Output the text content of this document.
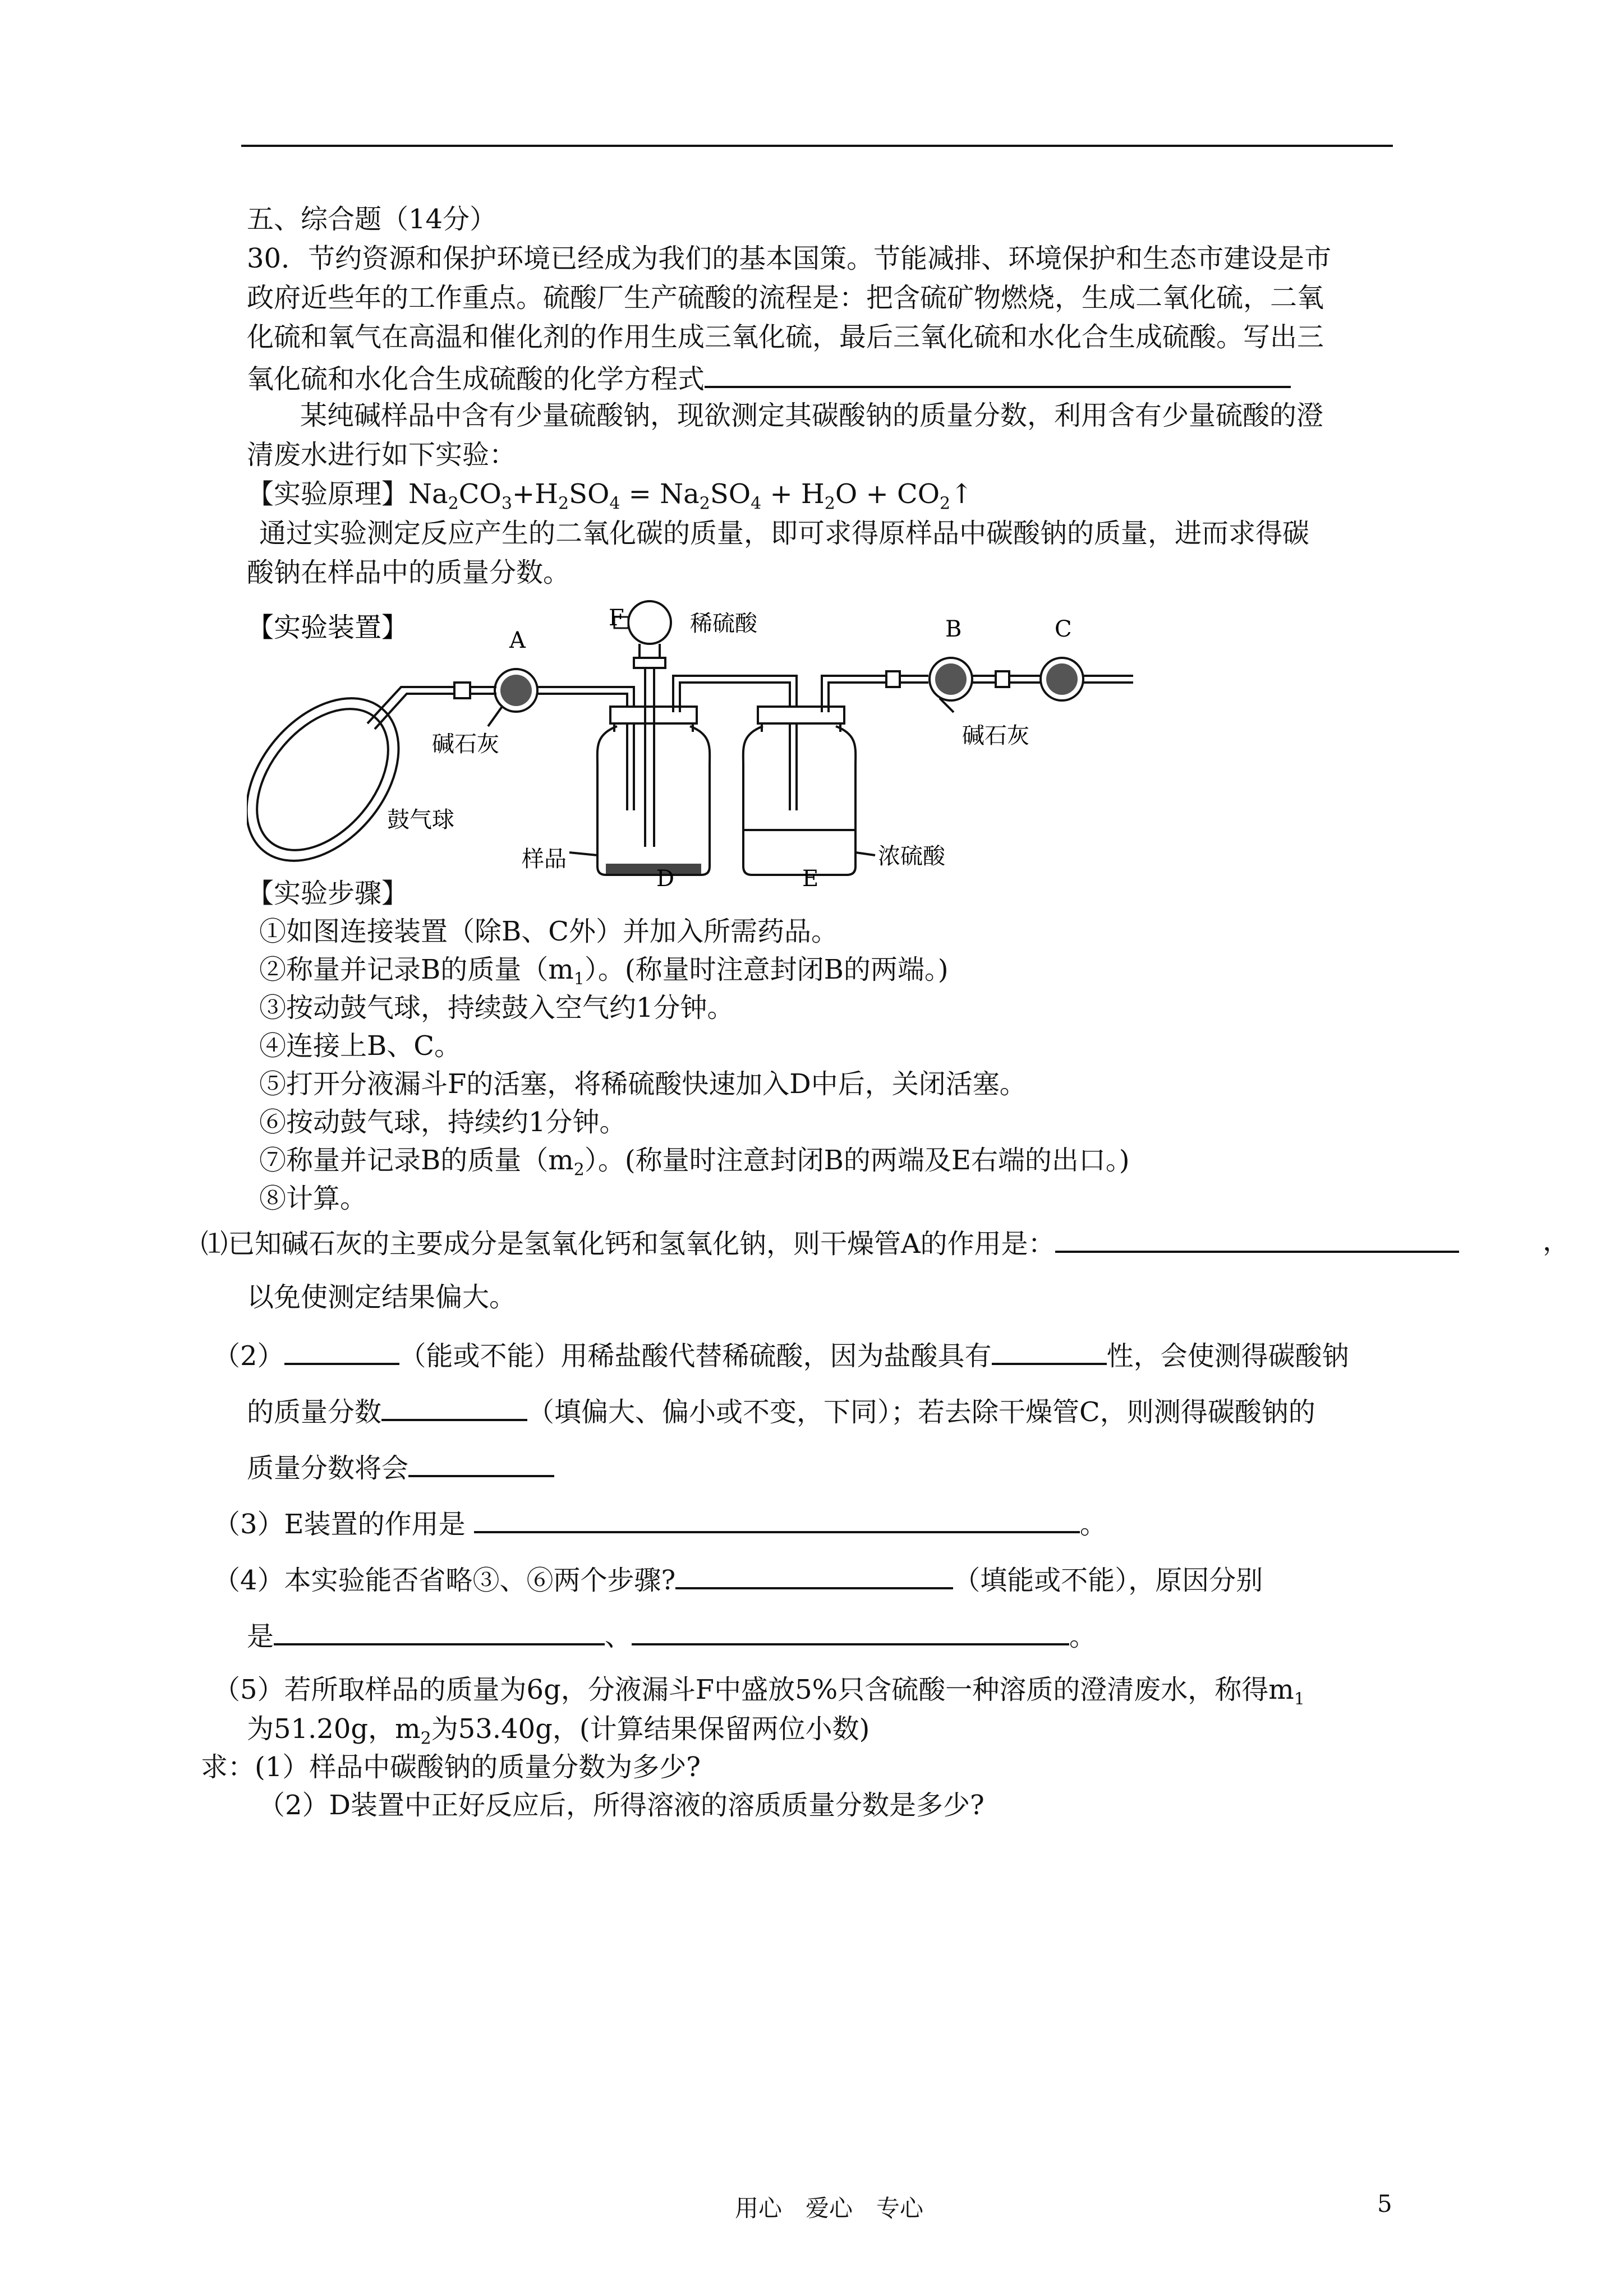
五、综合题（14分）
30．节约资源和保护环境已经成为我们的基本国策。节能减排、环境保护和生态市建设是市
政府近些年的工作重点。硫酸厂生产硫酸的流程是：把含硫矿物燃烧，生成二氧化硫，二氧
化硫和氧气在高温和催化剂的作用生成三氧化硫，最后三氧化硫和水化合生成硫酸。写出三
氧化硫和水化合生成硫酸的化学方程式
某纯碱样品中含有少量硫酸钠，现欲测定其碳酸钠的质量分数，利用含有少量硫酸的澄
清废水进行如下实验：
【实验原理】$Na_2CO_3+H_2SO_4 = Na_2SO_4 + H_2O$ + $CO_2↑$
通过实验测定反应产生的二氧化碳的质量，即可求得原样品中碳酸钠的质量，进而求得碳
酸钠在样品中的质量分数。
【实验装置】	F	稀硫酸
A	B	C
碱石灰	碱石灰
鼓气球
样品	浓硫酸
D	E
【实验步骤】
①如图连接装置（除B、C外）并加入所需药品。
②称量并记录B的质量$(m_1)$。(称量时注意封闭B的两端。)
③按动鼓气球，持续鼓入空气约1分钟。
④连接上B、C。
⑤打开分液漏斗F的活塞，将稀硫酸快速加入D中后，关闭活塞。
⑥按动鼓气球，持续约1分钟。
⑦称量并记录B的质量$(m_2)$。(称量时注意封闭B的两端及E右端的出口。)
⑧计算。
⑴已知碱石灰的主要成分是氢氧化钙和氢氧化钠，则干燥管A的作用是：	，
以免使测定结果偏大。
（2）	（能或不能）用稀盐酸代替稀硫酸，因为盐酸具有	性，会使测得碳酸钠
的质量分数	（填偏大、偏小或不变，下同）；若去除干燥管C，则测得碳酸钠的
质量分数将会
（3）E装置的作用是	。
（4）本实验能否省略③、⑥两个步骤?	（填能或不能），原因分别
是	、	。
（5）若所取样品的质量为6g，分液漏斗F中盛放5%只含硫酸一种溶质的澄清废水，称得$m_1$
为51.20g，$m_2$为53.40g，(计算结果保留两位小数)
求：(1）样品中碳酸钠的质量分数为多少?
（2）D装置中正好反应后，所得溶液的溶质质量分数是多少?
用心　爱心　专心	5
